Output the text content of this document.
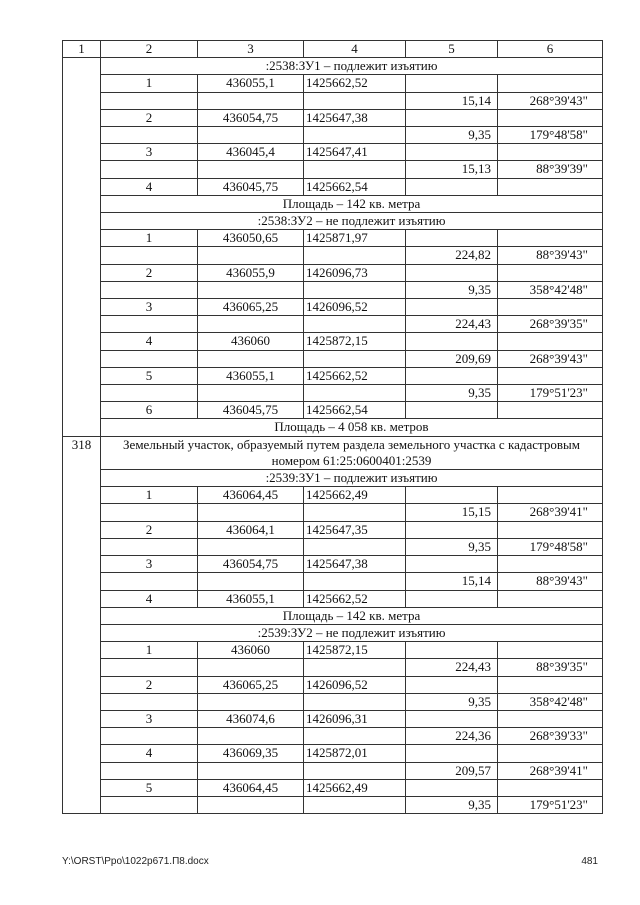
1	2	3	4	5	6
	:2538:ЗУ1 – подлежит изъятию				
	1	436055,1	1425662,52		
				15,14	268°39'43"
	2	436054,75	1425647,38		
				9,35	179°48'58"
	3	436045,4	1425647,41		
				15,13	88°39'39"
	4	436045,75	1425662,54		
	Площадь – 142 кв. метра				
	:2538:ЗУ2 – не подлежит изъятию				
	1	436050,65	1425871,97		
				224,82	88°39'43"
	2	436055,9	1426096,73		
				9,35	358°42'48"
	3	436065,25	1426096,52		
				224,43	268°39'35"
	4	436060	1425872,15		
				209,69	268°39'43"
	5	436055,1	1425662,52		
				9,35	179°51'23"
	6	436045,75	1425662,54		
	Площадь – 4 058 кв. метров				
318	Земельный участок, образуемый путем раздела земельного участка с кадастровым номером 61:25:0600401:2539				
	:2539:ЗУ1 – подлежит изъятию				
	1	436064,45	1425662,49		
				15,15	268°39'41"
	2	436064,1	1425647,35		
				9,35	179°48'58"
	3	436054,75	1425647,38		
				15,14	88°39'43"
	4	436055,1	1425662,52		
	Площадь – 142 кв. метра				
	:2539:ЗУ2 – не подлежит изъятию				
	1	436060	1425872,15		
				224,43	88°39'35"
	2	436065,25	1426096,52		
				9,35	358°42'48"
	3	436074,6	1426096,31		
				224,36	268°39'33"
	4	436069,35	1425872,01		
				209,57	268°39'41"
	5	436064,45	1425662,49		
				9,35	179°51'23"
Y:\ORST\Ppo\1022p671.П8.docx	481
